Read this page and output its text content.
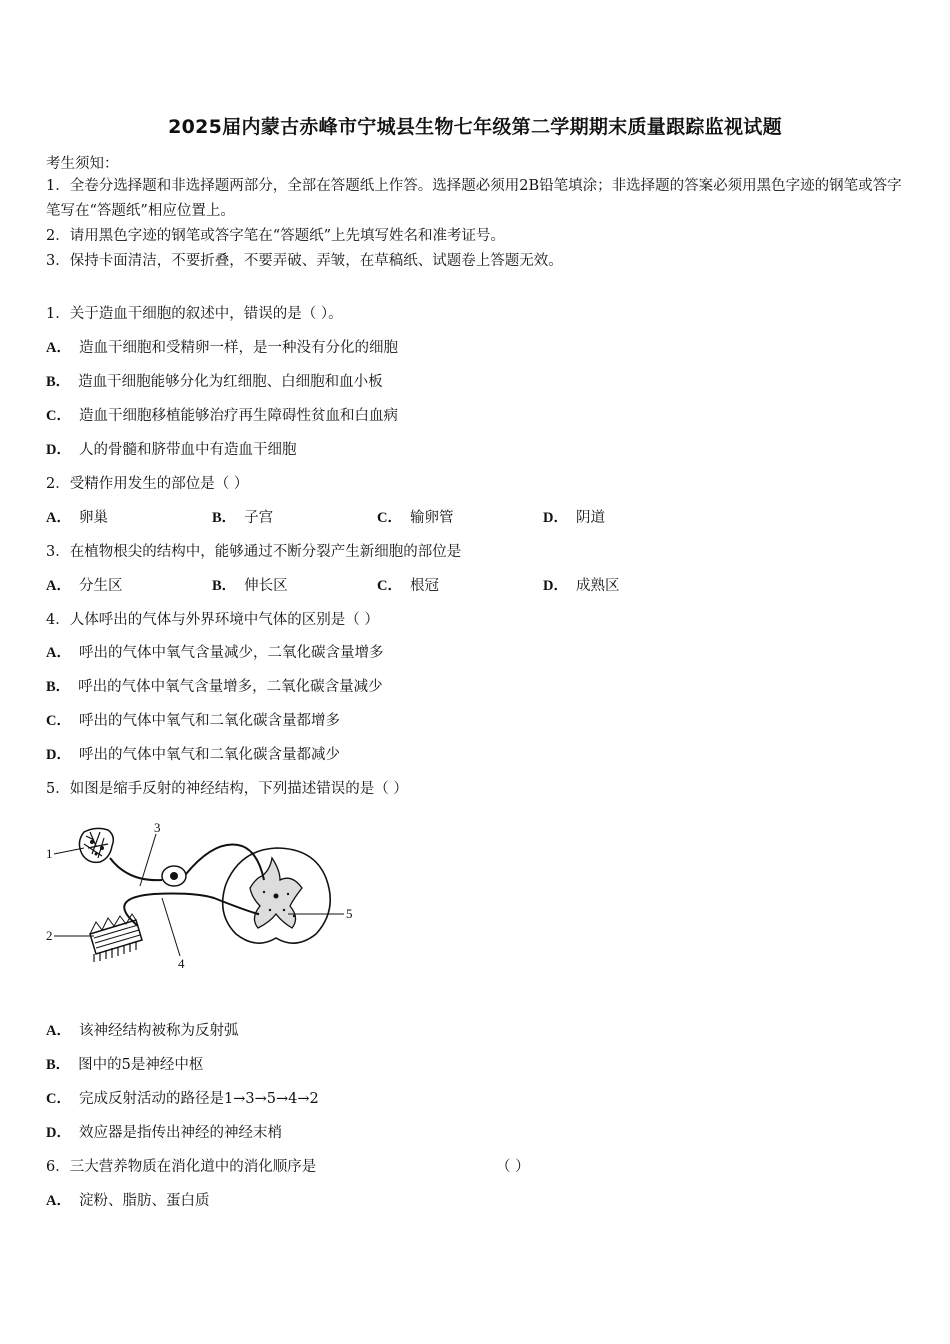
2025届内蒙古赤峰市宁城县生物七年级第二学期期末质量跟踪监视试题
考生须知：
1．全卷分选择题和非选择题两部分，全部在答题纸上作答。选择题必须用2B铅笔填涂；非选择题的答案必须用黑色字迹的钢笔或答字笔写在“答题纸”相应位置上。
2．请用黑色字迹的钢笔或答字笔在“答题纸”上先填写姓名和准考证号。
3．保持卡面清洁，不要折叠，不要弄破、弄皱，在草稿纸、试题卷上答题无效。
1．关于造血干细胞的叙述中，错误的是（ ）。
A． 造血干细胞和受精卵一样，是一种没有分化的细胞
B． 造血干细胞能够分化为红细胞、白细胞和血小板
C． 造血干细胞移植能够治疗再生障碍性贫血和白血病
D． 人的骨髓和脐带血中有造血干细胞
2．受精作用发生的部位是（ ）
A． 卵巢	B． 子宫	C． 输卵管	D． 阴道
3．在植物根尖的结构中，能够通过不断分裂产生新细胞的部位是
A． 分生区	B． 伸长区	C． 根冠	D． 成熟区
4．人体呼出的气体与外界环境中气体的区别是（ ）
A． 呼出的气体中氧气含量减少，二氧化碳含量增多
B． 呼出的气体中氧气含量增多，二氧化碳含量减少
C． 呼出的气体中氧气和二氧化碳含量都增多
D． 呼出的气体中氧气和二氧化碳含量都减少
5．如图是缩手反射的神经结构，下列描述错误的是（ ）
1
2
3
4
5
A． 该神经结构被称为反射弧
B． 图中的5是神经中枢
C． 完成反射活动的路径是1→3→5→4→2
D． 效应器是指传出神经的神经末梢
6．三大营养物质在消化道中的消化顺序是	（ ）
A． 淀粉、脂肪、蛋白质
